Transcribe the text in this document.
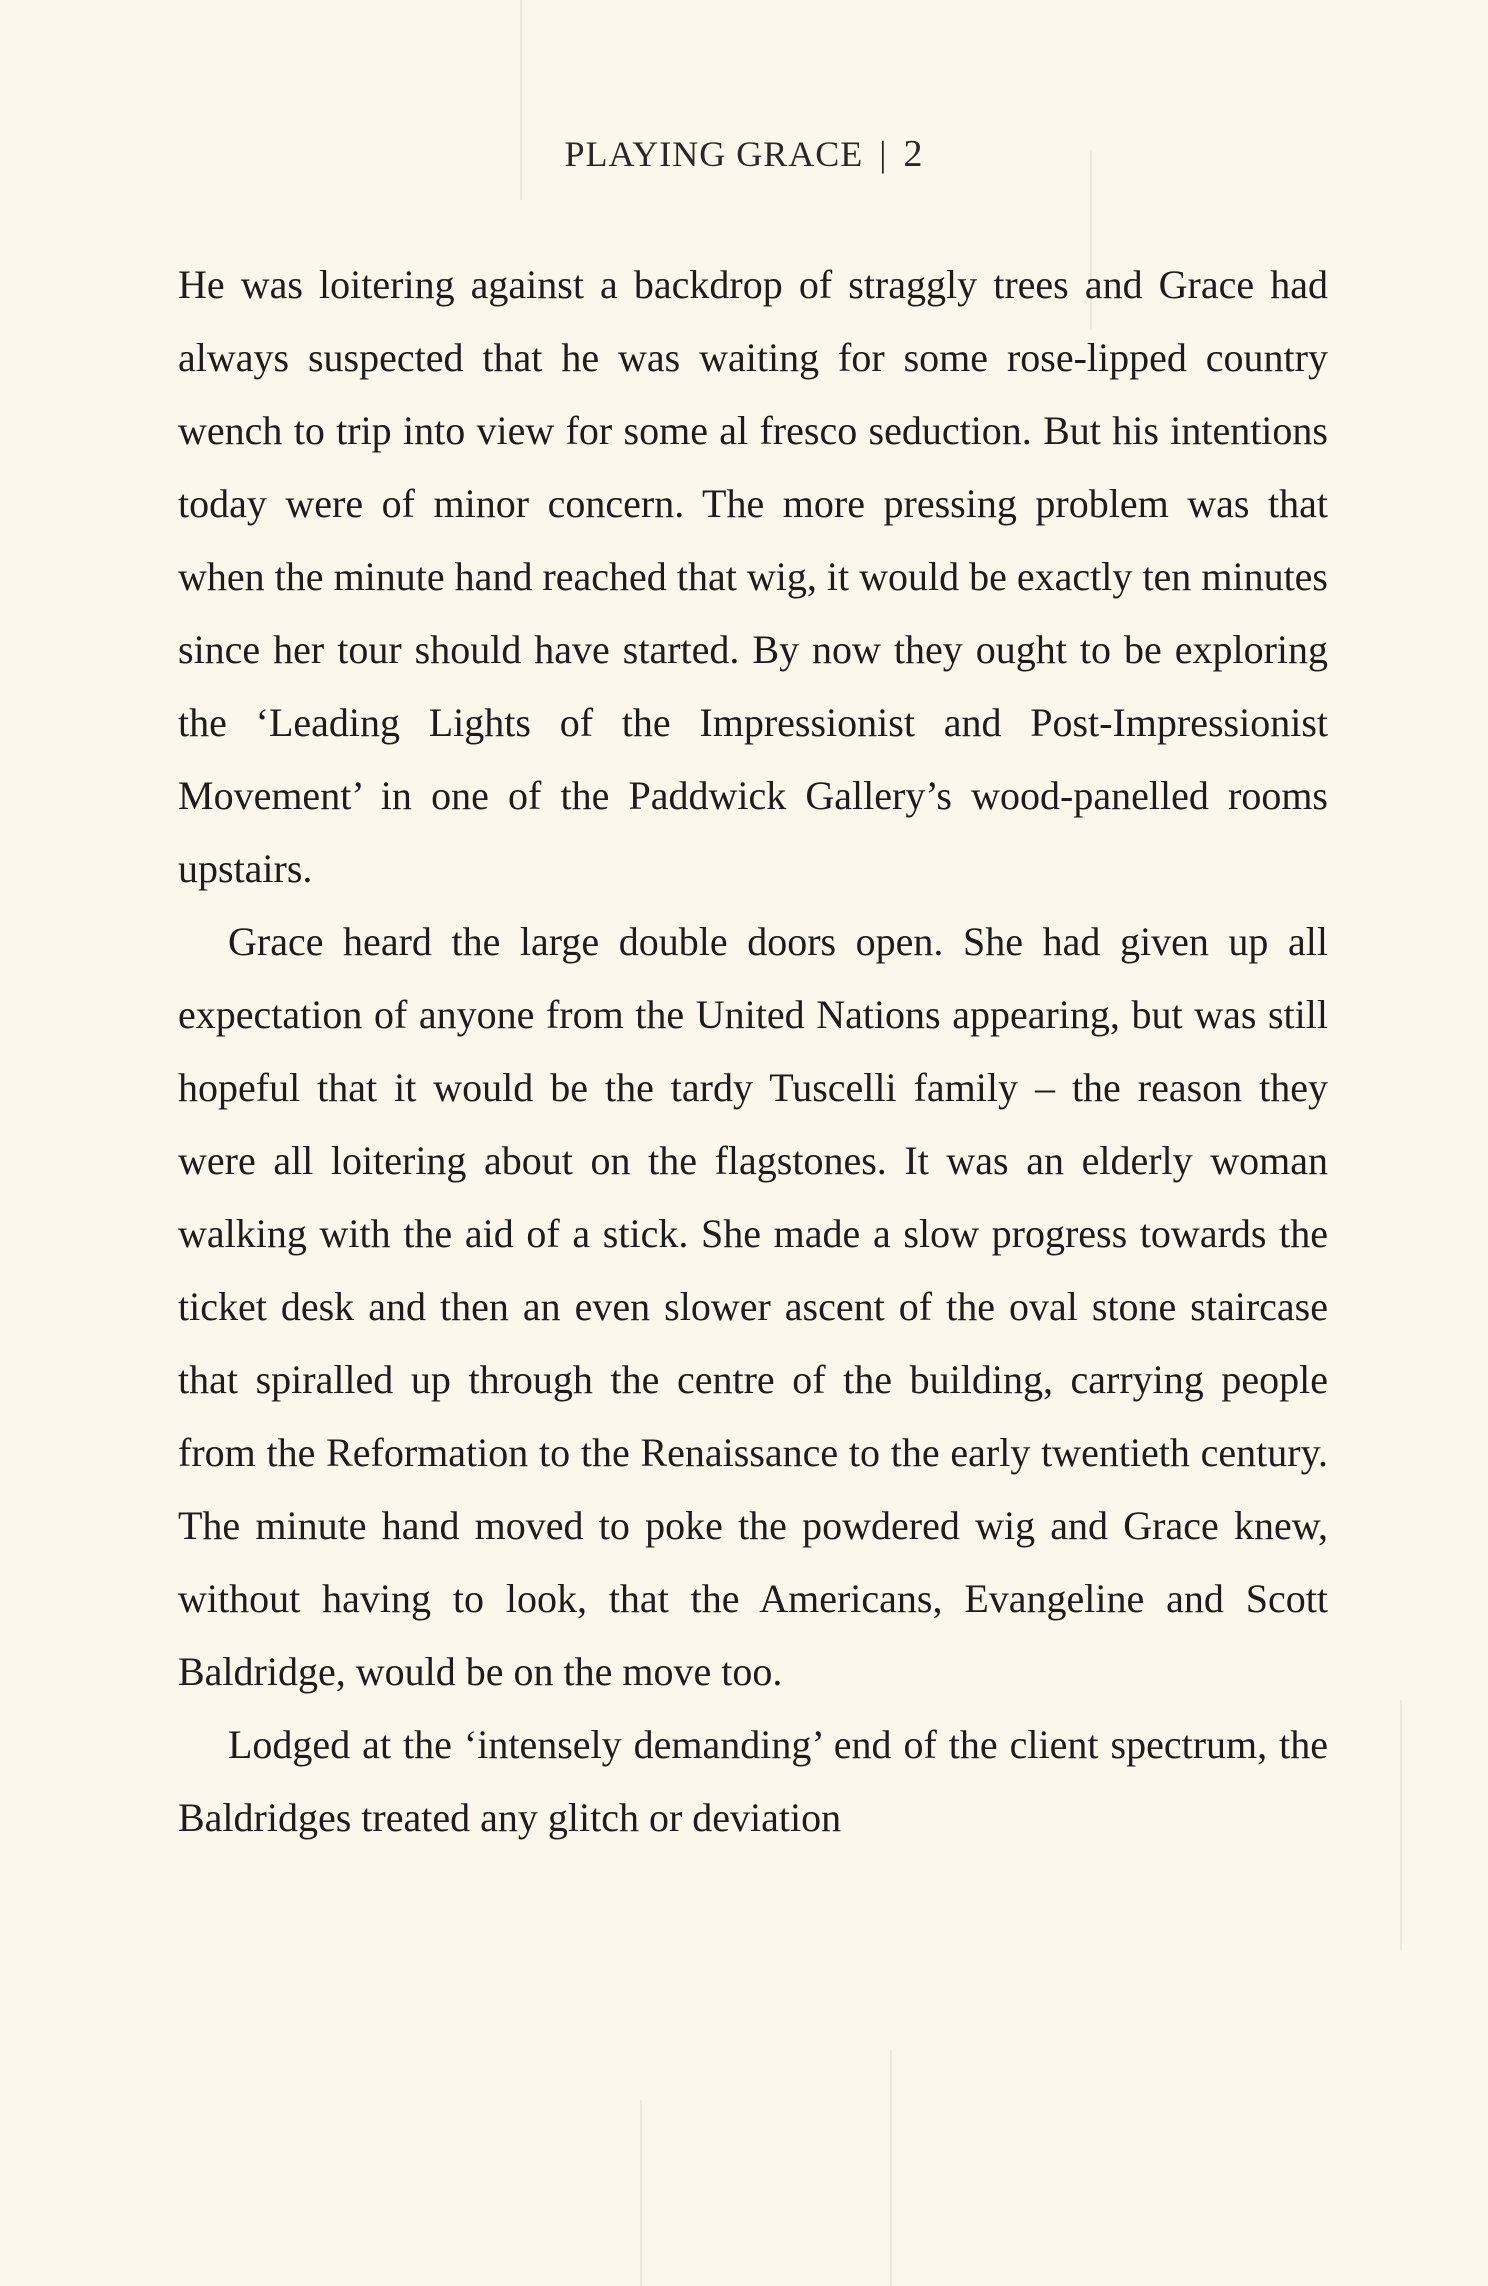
PLAYING GRACE | 2

He was loitering against a backdrop of straggly trees and Grace had always suspected that he was waiting for some rose-lipped country wench to trip into view for some al fresco seduction. But his intentions today were of minor concern. The more pressing problem was that when the minute hand reached that wig, it would be exactly ten minutes since her tour should have started. By now they ought to be exploring the ‘Leading Lights of the Impressionist and Post-Impressionist Movement’ in one of the Paddwick Gallery’s wood-panelled rooms upstairs.

Grace heard the large double doors open. She had given up all expectation of anyone from the United Nations appearing, but was still hopeful that it would be the tardy Tuscelli family – the reason they were all loitering about on the flagstones. It was an elderly woman walking with the aid of a stick. She made a slow progress towards the ticket desk and then an even slower ascent of the oval stone staircase that spiralled up through the centre of the building, carrying people from the Reformation to the Renaissance to the early twentieth century. The minute hand moved to poke the powdered wig and Grace knew, without having to look, that the Americans, Evangeline and Scott Baldridge, would be on the move too.

Lodged at the ‘intensely demanding’ end of the client spectrum, the Baldridges treated any glitch or deviation
